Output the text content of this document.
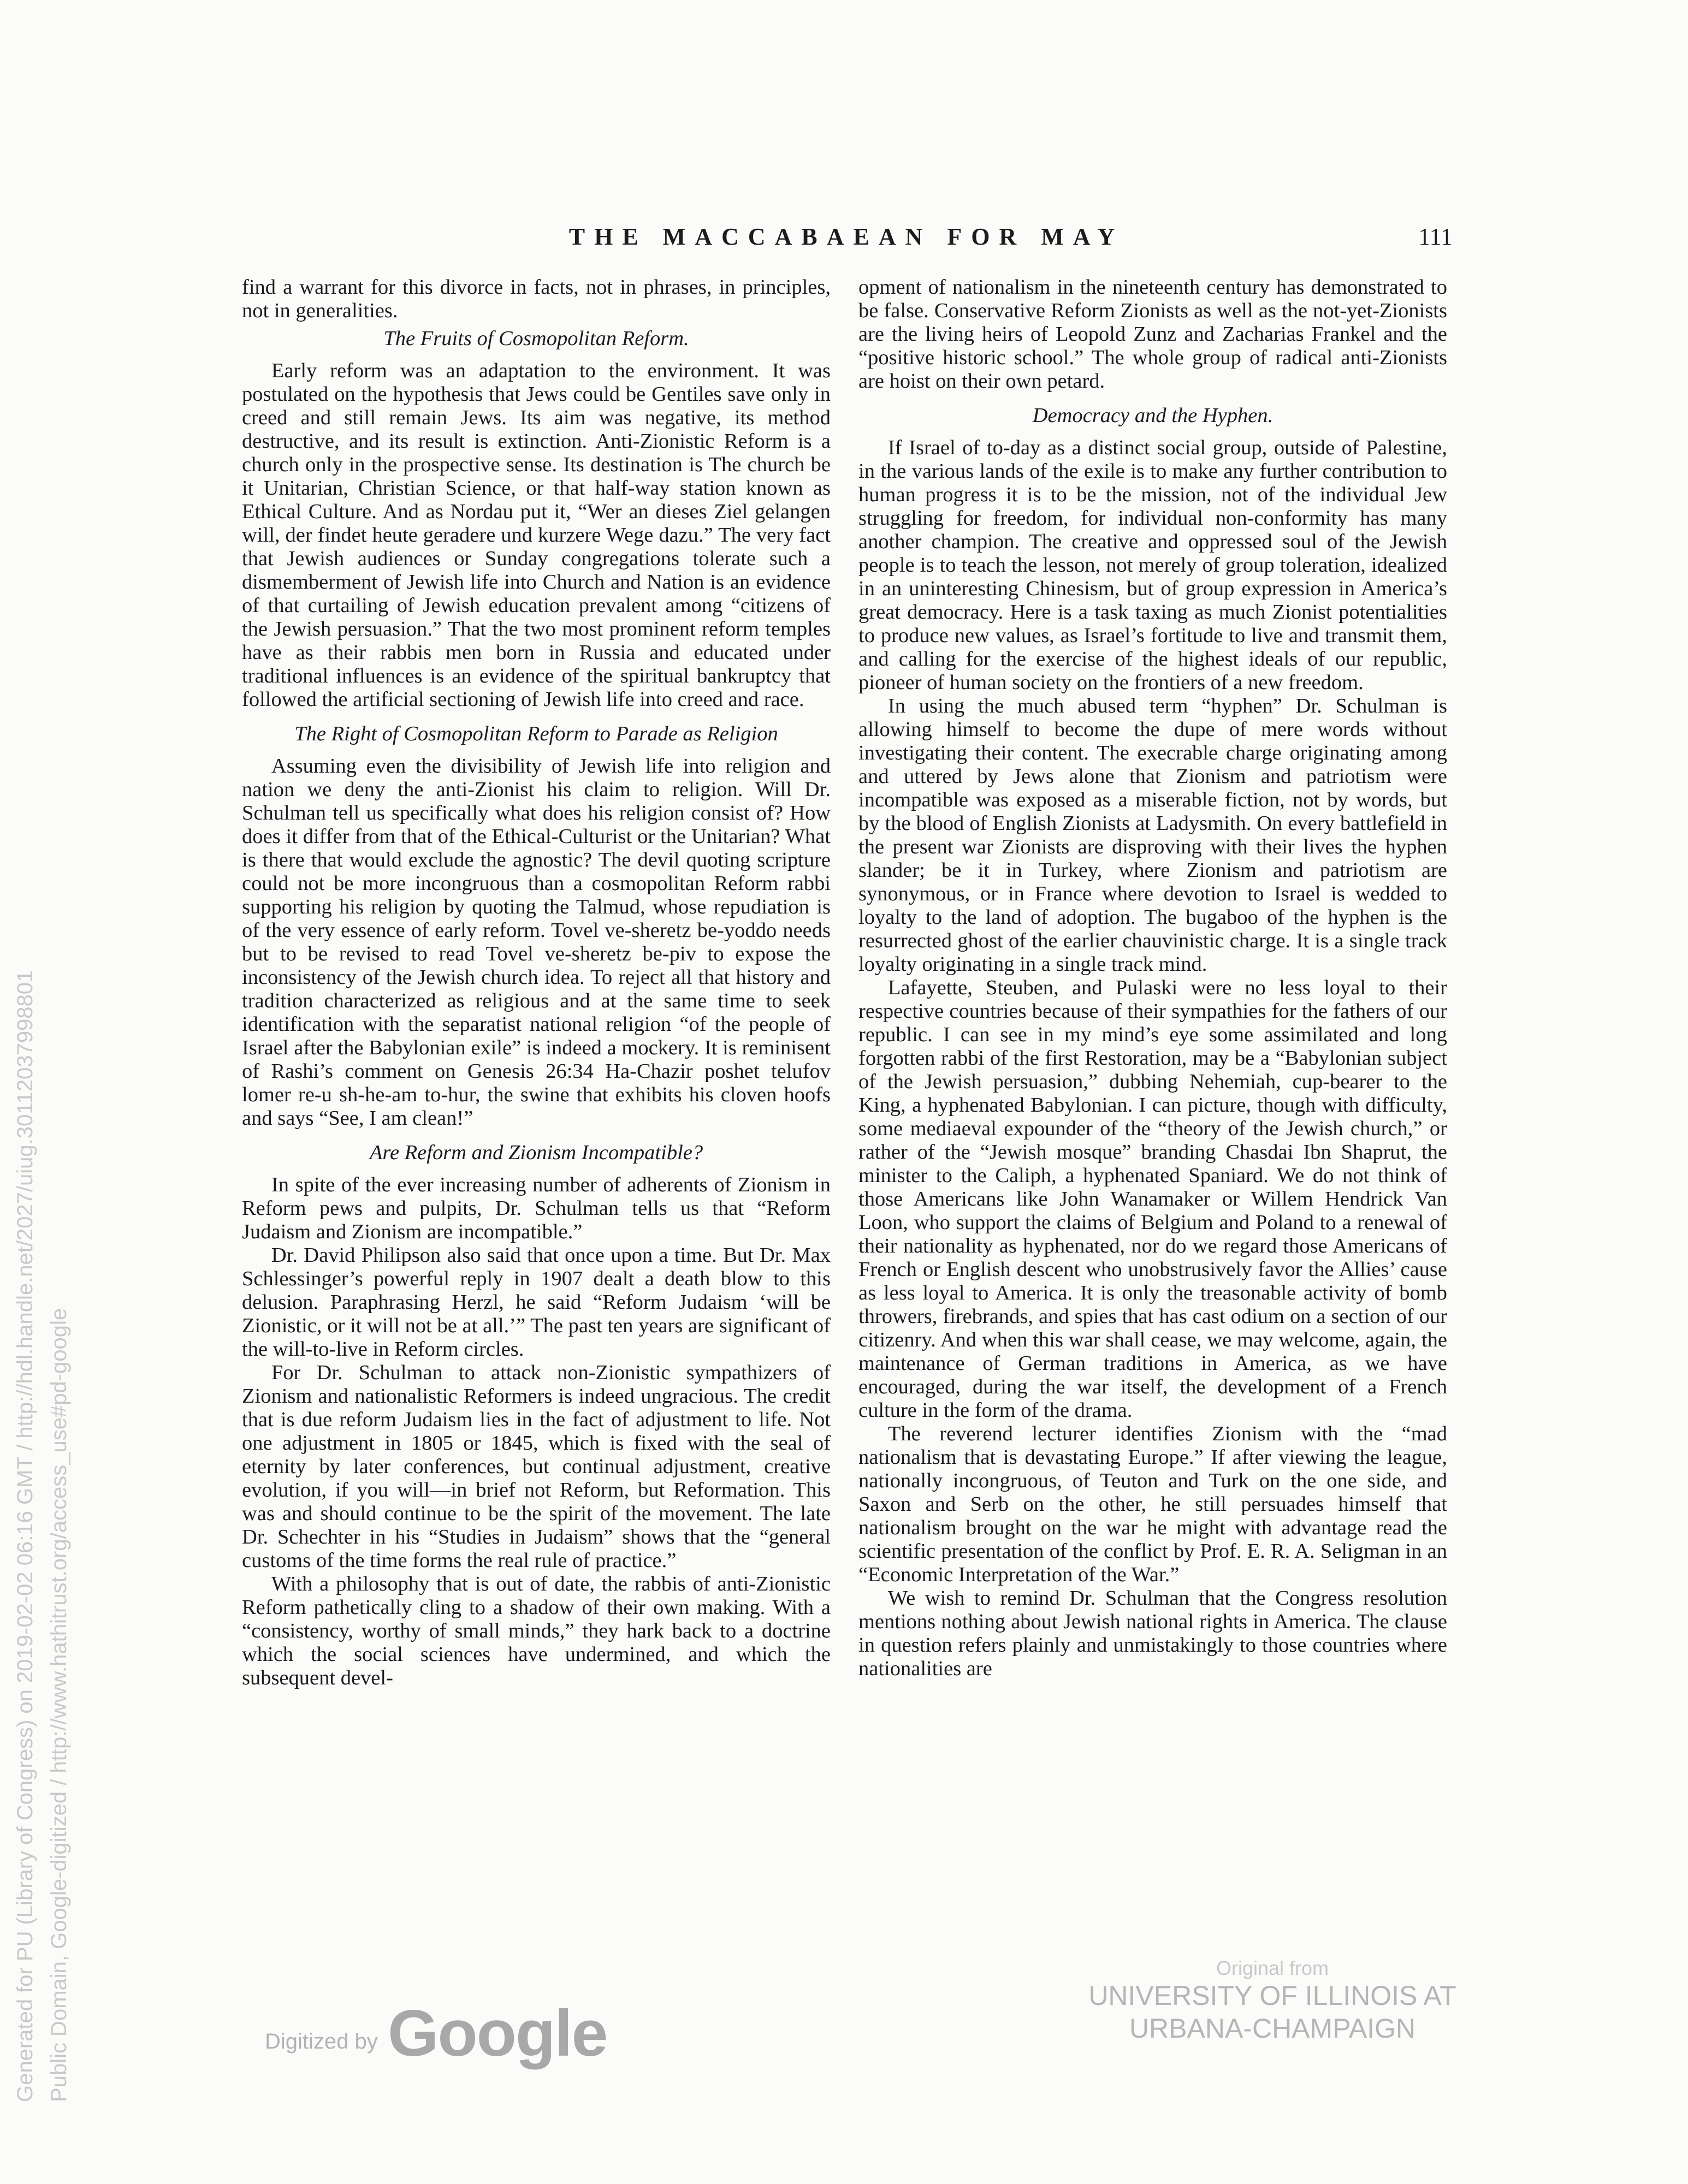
THE MACCABAEAN FOR MAY	111

find a warrant for this divorce in facts, not in phrases, in principles, not in generalities.

The Fruits of Cosmopolitan Reform.

Early reform was an adaptation to the environment. It was postulated on the hypothesis that Jews could be Gentiles save only in creed and still remain Jews. Its aim was negative, its method destructive, and its result is extinction. Anti-Zionistic Reform is a church only in the prospective sense. Its destination is The church be it Unitarian, Christian Science, or that half-way station known as Ethical Culture. And as Nordau put it, “Wer an dieses Ziel gelangen will, der findet heute geradere und kurzere Wege dazu.” The very fact that Jewish audiences or Sunday congregations tolerate such a dismemberment of Jewish life into Church and Nation is an evidence of that curtailing of Jewish education prevalent among “citizens of the Jewish persuasion.” That the two most prominent reform temples have as their rabbis men born in Russia and educated under traditional influences is an evidence of the spiritual bankruptcy that followed the artificial sectioning of Jewish life into creed and race.

The Right of Cosmopolitan Reform to Parade as Religion

Assuming even the divisibility of Jewish life into religion and nation we deny the anti-Zionist his claim to religion. Will Dr. Schulman tell us specifically what does his religion consist of? How does it differ from that of the Ethical-Culturist or the Unitarian? What is there that would exclude the agnostic? The devil quoting scripture could not be more incongruous than a cosmopolitan Reform rabbi supporting his religion by quoting the Talmud, whose repudiation is of the very essence of early reform. Tovel ve-sheretz be-yoddo needs but to be revised to read Tovel ve-sheretz be-piv to expose the inconsistency of the Jewish church idea. To reject all that history and tradition characterized as religious and at the same time to seek identification with the separatist national religion “of the people of Israel after the Babylonian exile” is indeed a mockery. It is reminisent of Rashi’s comment on Genesis 26:34 Ha-Chazir poshet telufov lomer re-u sh-he-am to-hur, the swine that exhibits his cloven hoofs and says “See, I am clean!”

Are Reform and Zionism Incompatible?

In spite of the ever increasing number of adherents of Zionism in Reform pews and pulpits, Dr. Schulman tells us that “Reform Judaism and Zionism are incompatible.”

Dr. David Philipson also said that once upon a time. But Dr. Max Schlessinger’s powerful reply in 1907 dealt a death blow to this delusion. Paraphrasing Herzl, he said “Reform Judaism ‘will be Zionistic, or it will not be at all.’” The past ten years are significant of the will-to-live in Reform circles.

For Dr. Schulman to attack non-Zionistic sympathizers of Zionism and nationalistic Reformers is indeed ungracious. The credit that is due reform Judaism lies in the fact of adjustment to life. Not one adjustment in 1805 or 1845, which is fixed with the seal of eternity by later conferences, but continual adjustment, creative evolution, if you will—in brief not Reform, but Reformation. This was and should continue to be the spirit of the movement. The late Dr. Schechter in his “Studies in Judaism” shows that the “general customs of the time forms the real rule of practice.”

With a philosophy that is out of date, the rabbis of anti-Zionistic Reform pathetically cling to a shadow of their own making. With a “consistency, worthy of small minds,” they hark back to a doctrine which the social sciences have undermined, and which the subsequent devel-

opment of nationalism in the nineteenth century has demonstrated to be false. Conservative Reform Zionists as well as the not-yet-Zionists are the living heirs of Leopold Zunz and Zacharias Frankel and the “positive historic school.” The whole group of radical anti-Zionists are hoist on their own petard.

Democracy and the Hyphen.

If Israel of to-day as a distinct social group, outside of Palestine, in the various lands of the exile is to make any further contribution to human progress it is to be the mission, not of the individual Jew struggling for freedom, for individual non-conformity has many another champion. The creative and oppressed soul of the Jewish people is to teach the lesson, not merely of group toleration, idealized in an uninteresting Chinesism, but of group expression in America’s great democracy. Here is a task taxing as much Zionist potentialities to produce new values, as Israel’s fortitude to live and transmit them, and calling for the exercise of the highest ideals of our republic, pioneer of human society on the frontiers of a new freedom.

In using the much abused term “hyphen” Dr. Schulman is allowing himself to become the dupe of mere words without investigating their content. The execrable charge originating among and uttered by Jews alone that Zionism and patriotism were incompatible was exposed as a miserable fiction, not by words, but by the blood of English Zionists at Ladysmith. On every battlefield in the present war Zionists are disproving with their lives the hyphen slander; be it in Turkey, where Zionism and patriotism are synonymous, or in France where devotion to Israel is wedded to loyalty to the land of adoption. The bugaboo of the hyphen is the resurrected ghost of the earlier chauvinistic charge. It is a single track loyalty originating in a single track mind.

Lafayette, Steuben, and Pulaski were no less loyal to their respective countries because of their sympathies for the fathers of our republic. I can see in my mind’s eye some assimilated and long forgotten rabbi of the first Restoration, may be a “Babylonian subject of the Jewish persuasion,” dubbing Nehemiah, cup-bearer to the King, a hyphenated Babylonian. I can picture, though with difficulty, some mediaeval expounder of the “theory of the Jewish church,” or rather of the “Jewish mosque” branding Chasdai Ibn Shaprut, the minister to the Caliph, a hyphenated Spaniard. We do not think of those Americans like John Wanamaker or Willem Hendrick Van Loon, who support the claims of Belgium and Poland to a renewal of their nationality as hyphenated, nor do we regard those Americans of French or English descent who unobstrusively favor the Allies’ cause as less loyal to America. It is only the treasonable activity of bomb throwers, firebrands, and spies that has cast odium on a section of our citizenry. And when this war shall cease, we may welcome, again, the maintenance of German traditions in America, as we have encouraged, during the war itself, the development of a French culture in the form of the drama.

The reverend lecturer identifies Zionism with the “mad nationalism that is devastating Europe.” If after viewing the league, nationally incongruous, of Teuton and Turk on the one side, and Saxon and Serb on the other, he still persuades himself that nationalism brought on the war he might with advantage read the scientific presentation of the conflict by Prof. E. R. A. Seligman in an “Economic Interpretation of the War.”

We wish to remind Dr. Schulman that the Congress resolution mentions nothing about Jewish national rights in America. The clause in question refers plainly and unmistakingly to those countries where nationalities are

Generated for PU (Library of Congress) on 2019-02-02 06:16 GMT / http://hdl.handle.net/2027/uiug.30112037998801 Public Domain, Google-digitized / http://www.hathitrust.org/access_use#pd-google	Digitized by Google
Original from
UNIVERSITY OF ILLINOIS AT
URBANA-CHAMPAIGN
